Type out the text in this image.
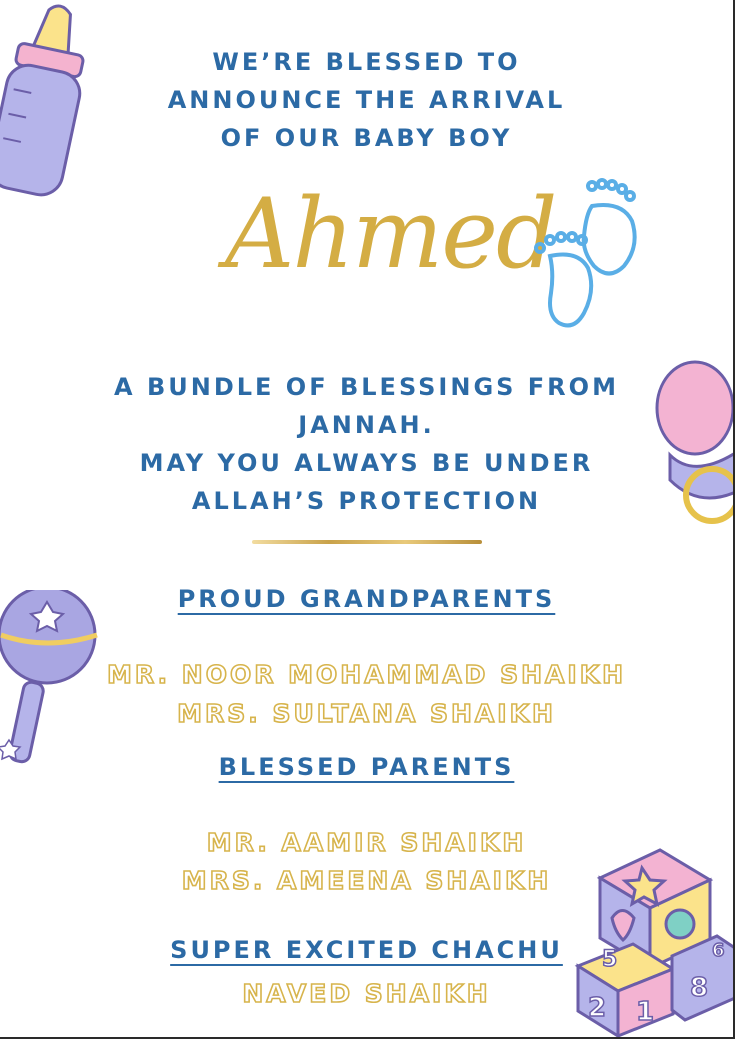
WE’RE BLESSED TO
ANNOUNCE THE ARRIVAL
OF OUR BABY BOY
Ahmed
A BUNDLE OF BLESSINGS FROM
JANNAH.
MAY YOU ALWAYS BE UNDER
ALLAH’S PROTECTION
PROUD GRANDPARENTS
MR. NOOR MOHAMMAD SHAIKH
MRS. SULTANA SHAIKH
BLESSED PARENTS
MR. AAMIR SHAIKH
MRS. AMEENA SHAIKH
SUPER EXCITED CHACHU
NAVED SHAIKH
5
2 1
8
6
